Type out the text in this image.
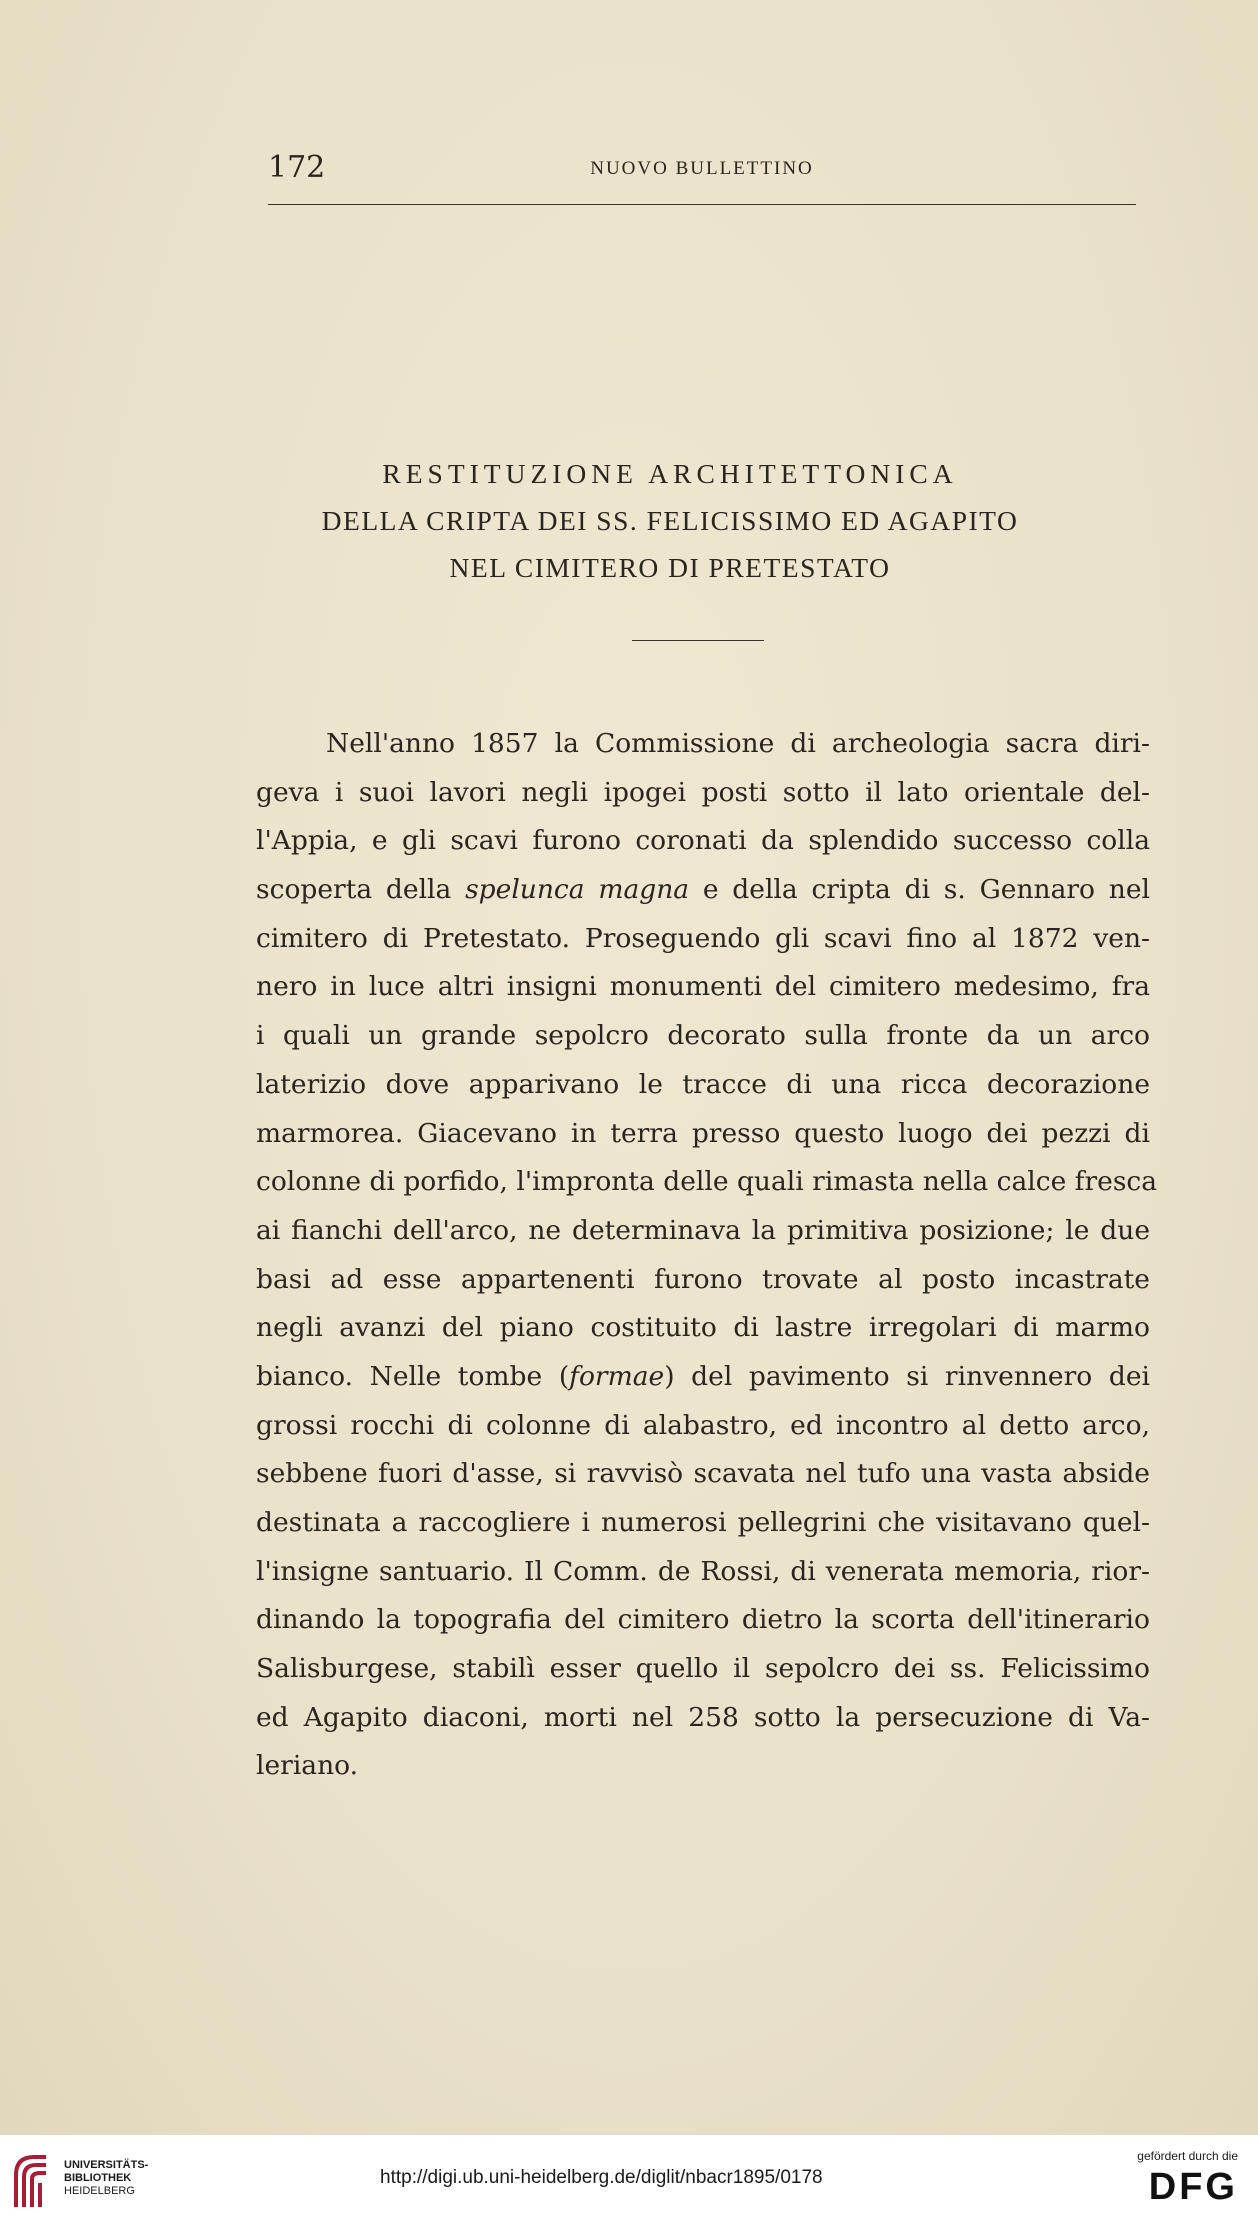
172	NUOVO BULLETTINO
RESTITUZIONE ARCHITETTONICA
DELLA CRIPTA DEI SS. FELICISSIMO ED AGAPITO
NEL CIMITERO DI PRETESTATO
Nell'anno 1857 la Commissione di archeologia sacra diri-
geva i suoi lavori negli ipogei posti sotto il lato orientale del-
l'Appia, e gli scavi furono coronati da splendido successo colla
scoperta della spelunca magna e della cripta di s. Gennaro nel
cimitero di Pretestato. Proseguendo gli scavi fino al 1872 ven-
nero in luce altri insigni monumenti del cimitero medesimo, fra
i quali un grande sepolcro decorato sulla fronte da un arco
laterizio dove apparivano le tracce di una ricca decorazione
marmorea. Giacevano in terra presso questo luogo dei pezzi di
colonne di porfido, l'impronta delle quali rimasta nella calce fresca
ai fianchi dell'arco, ne determinava la primitiva posizione; le due
basi ad esse appartenenti furono trovate al posto incastrate
negli avanzi del piano costituito di lastre irregolari di marmo
bianco. Nelle tombe (formae) del pavimento si rinvennero dei
grossi rocchi di colonne di alabastro, ed incontro al detto arco,
sebbene fuori d'asse, si ravvisò scavata nel tufo una vasta abside
destinata a raccogliere i numerosi pellegrini che visitavano quel-
l'insigne santuario. Il Comm. de Rossi, di venerata memoria, rior-
dinando la topografia del cimitero dietro la scorta dell'itinerario
Salisburgese, stabilì esser quello il sepolcro dei ss. Felicissimo
ed Agapito diaconi, morti nel 258 sotto la persecuzione di Va-
leriano.
UNIVERSITÄTS-
BIBLIOTHEK
HEIDELBERG
http://digi.ub.uni-heidelberg.de/diglit/nbacr1895/0178
gefördert durch die
DFG
